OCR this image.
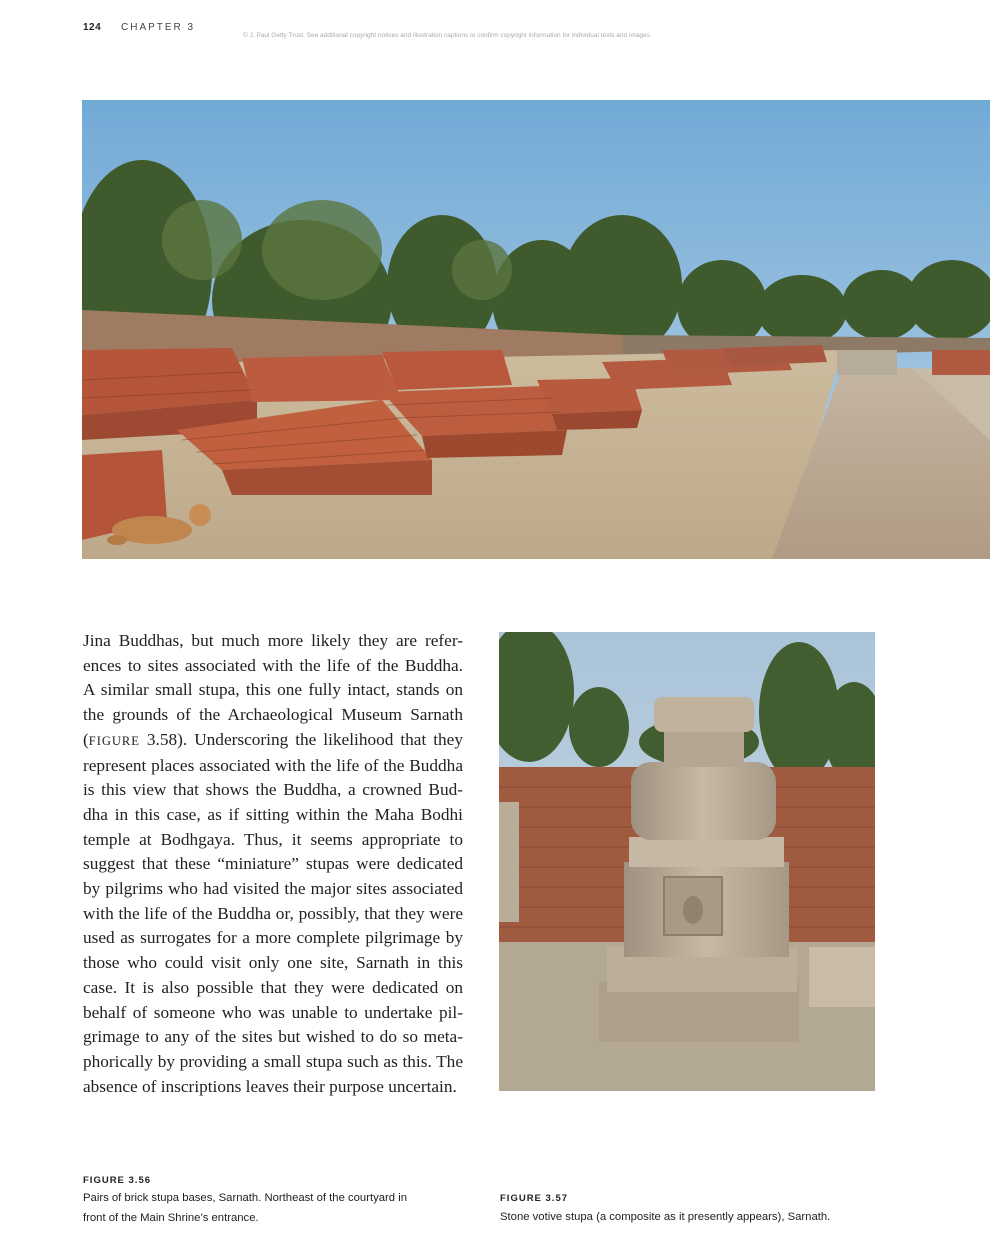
124 CHAPTER 3
© J. Paul Getty Trust. See additional copyright notices and illustration captions to confirm copyright information for individual texts and images
Jina Buddhas, but much more likely they are refer-
ences to sites associated with the life of the Buddha.
A similar small stupa, this one fully intact, stands on
the grounds of the Archaeological Museum Sarnath
(FIGURE 3.58). Underscoring the likelihood that they
represent places associated with the life of the Buddha
is this view that shows the Buddha, a crowned Bud-
dha in this case, as if sitting within the Maha Bodhi
temple at Bodhgaya. Thus, it seems appropriate to
suggest that these “miniature” stupas were dedicated
by pilgrims who had visited the major sites associated
with the life of the Buddha or, possibly, that they were
used as surrogates for a more complete pilgrimage by
those who could visit only one site, Sarnath in this
case. It is also possible that they were dedicated on
behalf of someone who was unable to undertake pil-
grimage to any of the sites but wished to do so meta-
phorically by providing a small stupa such as this. The
absence of inscriptions leaves their purpose uncertain.
FIGURE 3.56
Pairs of brick stupa bases, Sarnath. Northeast of the courtyard in
front of the Main Shrine’s entrance.
FIGURE 3.57
Stone votive stupa (a composite as it presently appears), Sarnath.
